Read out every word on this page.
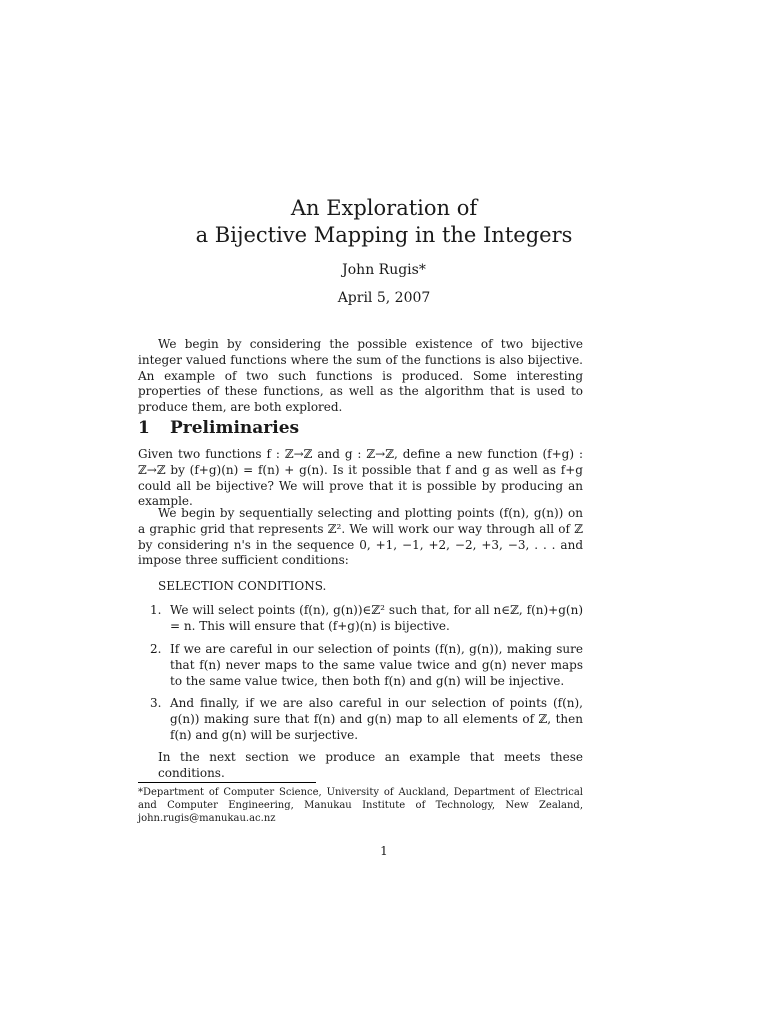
An Exploration of
a Bijective Mapping in the Integers
John Rugis*
April 5, 2007
We begin by considering the possible existence of two bijective integer valued functions where the sum of the functions is also bijective. An example of two such functions is produced. Some interesting properties of these functions, as well as the algorithm that is used to produce them, are both explored.
1 Preliminaries
Given two functions f : ℤ→ℤ and g : ℤ→ℤ, define a new function (f+g) : ℤ→ℤ by (f+g)(n) = f(n) + g(n). Is it possible that f and g as well as f+g could all be bijective? We will prove that it is possible by producing an example.
We begin by sequentially selecting and plotting points (f(n), g(n)) on a graphic grid that represents ℤ². We will work our way through all of ℤ by considering n's in the sequence 0, +1, −1, +2, −2, +3, −3, . . . and impose three sufficient conditions:
SELECTION CONDITIONS.
1. We will select points (f(n), g(n))∈ℤ² such that, for all n∈ℤ, f(n)+g(n) = n. This will ensure that (f+g)(n) is bijective.
2. If we are careful in our selection of points (f(n), g(n)), making sure that f(n) never maps to the same value twice and g(n) never maps to the same value twice, then both f(n) and g(n) will be injective.
3. And finally, if we are also careful in our selection of points (f(n), g(n)) making sure that f(n) and g(n) map to all elements of ℤ, then f(n) and g(n) will be surjective.
In the next section we produce an example that meets these conditions.
*Department of Computer Science, University of Auckland, Department of Electrical and Computer Engineering, Manukau Institute of Technology, New Zealand, john.rugis@manukau.ac.nz
1
